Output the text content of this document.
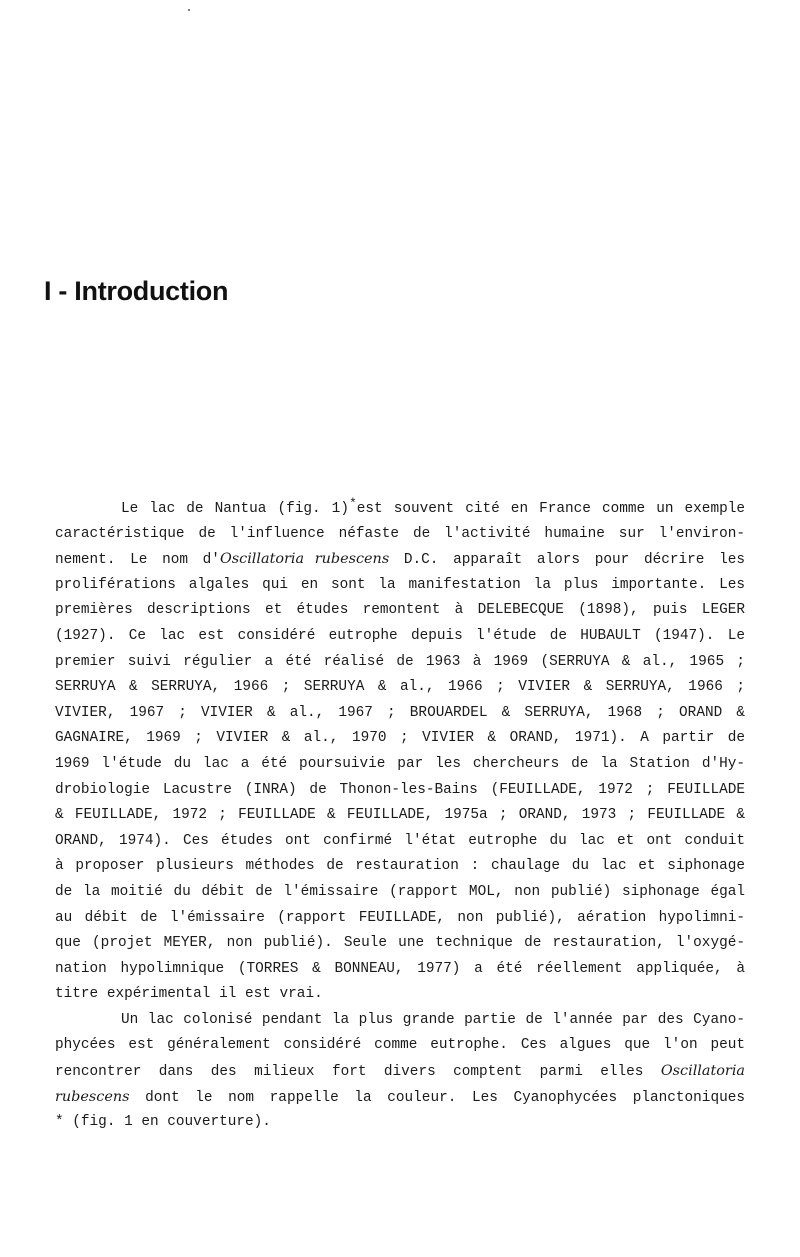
I - Introduction
Le lac de Nantua (fig. 1)*est souvent cité en France comme un exemple
caractéristique de l'influence néfaste de l'activité humaine sur l'environ-
nement. Le nom d'Oscillatoria rubescens D.C. apparaît alors pour décrire les
proliférations algales qui en sont la manifestation la plus importante. Les
premières descriptions et études remontent à DELEBECQUE (1898), puis LEGER
(1927). Ce lac est considéré eutrophe depuis l'étude de HUBAULT (1947). Le
premier suivi régulier a été réalisé de 1963 à 1969 (SERRUYA & al., 1965 ;
SERRUYA & SERRUYA, 1966 ; SERRUYA & al., 1966 ; VIVIER & SERRUYA, 1966 ;
VIVIER, 1967 ; VIVIER & al., 1967 ; BROUARDEL & SERRUYA, 1968 ; ORAND &
GAGNAIRE, 1969 ; VIVIER & al., 1970 ; VIVIER & ORAND, 1971). A partir de
1969 l'étude du lac a été poursuivie par les chercheurs de la Station d'Hy-
drobiologie Lacustre (INRA) de Thonon-les-Bains (FEUILLADE, 1972 ; FEUILLADE
& FEUILLADE, 1972 ; FEUILLADE & FEUILLADE, 1975a ; ORAND, 1973 ; FEUILLADE &
ORAND, 1974). Ces études ont confirmé l'état eutrophe du lac et ont conduit
à proposer plusieurs méthodes de restauration : chaulage du lac et siphonage
de la moitié du débit de l'émissaire (rapport MOL, non publié) siphonage égal
au débit de l'émissaire (rapport FEUILLADE, non publié), aération hypolimni-
que (projet MEYER, non publié). Seule une technique de restauration, l'oxygé-
nation hypolimnique (TORRES & BONNEAU, 1977) a été réellement appliquée, à
titre expérimental il est vrai.
Un lac colonisé pendant la plus grande partie de l'année par des Cyano-
phycées est généralement considéré comme eutrophe. Ces algues que l'on peut
rencontrer dans des milieux fort divers comptent parmi elles Oscillatoria
rubescens dont le nom rappelle la couleur. Les Cyanophycées planctoniques
* (fig. 1 en couverture).
